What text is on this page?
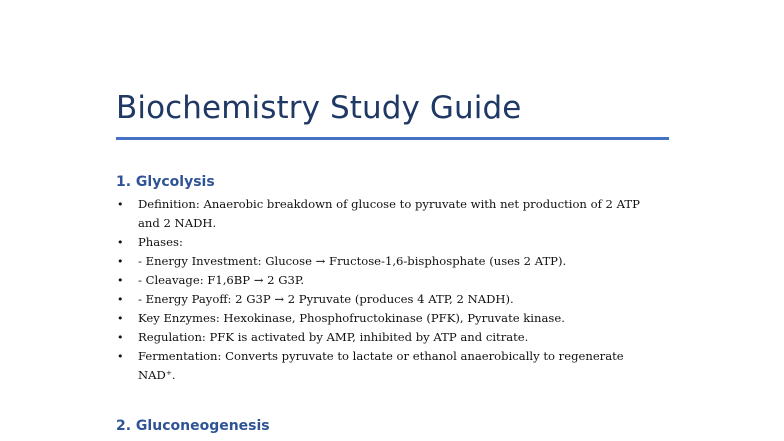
Biochemistry Study Guide
1. Glycolysis
• Definition: Anaerobic breakdown of glucose to pyruvate with net production of 2 ATP and 2 NADH.
• Phases:
• - Energy Investment: Glucose → Fructose-1,6-bisphosphate (uses 2 ATP).
• - Cleavage: F1,6BP → 2 G3P.
• - Energy Payoff: 2 G3P → 2 Pyruvate (produces 4 ATP, 2 NADH).
• Key Enzymes: Hexokinase, Phosphofructokinase (PFK), Pyruvate kinase.
• Regulation: PFK is activated by AMP, inhibited by ATP and citrate.
• Fermentation: Converts pyruvate to lactate or ethanol anaerobically to regenerate NAD⁺.
2. Gluconeogenesis
